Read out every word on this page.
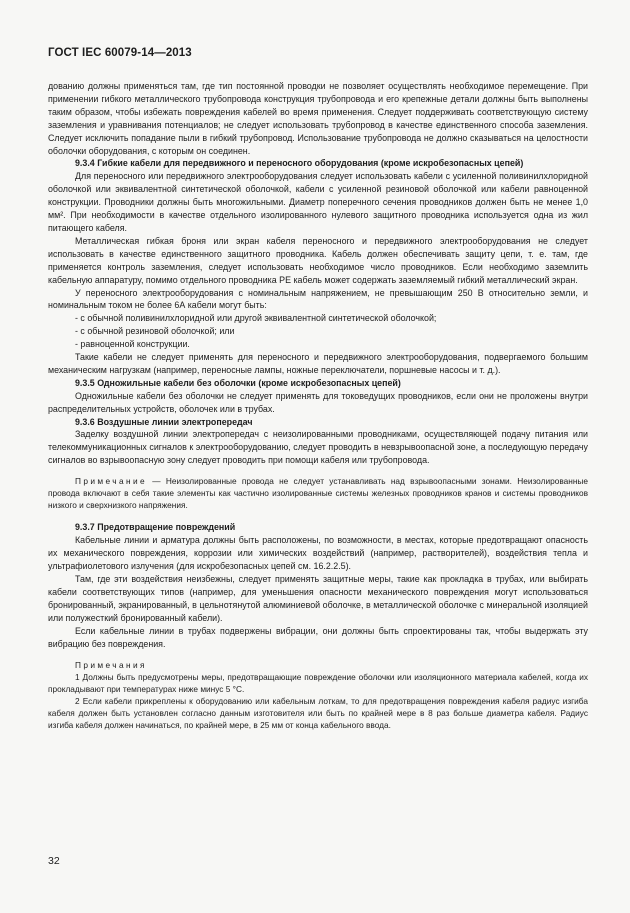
ГОСТ IEC 60079-14—2013

дованию должны применяться там, где тип постоянной проводки не позволяет осуществлять необходимое перемещение. При применении гибкого металлического трубопровода конструкция трубопровода и его крепежные детали должны быть выполнены таким образом, чтобы избежать повреждения кабелей во время применения. Следует поддерживать соответствующую систему заземления и уравнивания потенциалов; не следует использовать трубопровод в качестве единственного способа заземления. Следует исключить попадание пыли в гибкий трубопровод. Использование трубопровода не должно сказываться на целостности оболочки оборудования, с которым он соединен.

9.3.4 Гибкие кабели для передвижного и переносного оборудования (кроме искробезопасных цепей)

Для переносного или передвижного электрооборудования следует использовать кабели с усиленной поливинилхлоридной оболочкой или эквивалентной синтетической оболочкой, кабели с усиленной резиновой оболочкой или кабели равноценной конструкции. Проводники должны быть многожильными. Диаметр поперечного сечения проводников должен быть не менее 1,0 мм². При необходимости в качестве отдельного изолированного нулевого защитного проводника используется одна из жил питающего кабеля.

Металлическая гибкая броня или экран кабеля переносного и передвижного электрооборудования не следует использовать в качестве единственного защитного проводника. Кабель должен обеспечивать защиту цепи, т. е. там, где применяется контроль заземления, следует использовать необходимое число проводников. Если необходимо заземлить кабельную аппаратуру, помимо отдельного проводника РЕ кабель может содержать заземляемый гибкий металлический экран.

У переносного электрооборудования с номинальным напряжением, не превышающим 250 В относительно земли, и номинальным током не более 6А кабели могут быть:

- с обычной поливинилхлоридной или другой эквивалентной синтетической оболочкой;

- с обычной резиновой оболочкой; или

- равноценной конструкции.

Такие кабели не следует применять для переносного и передвижного электрооборудования, подвергаемого большим механическим нагрузкам (например, переносные лампы, ножные переключатели, поршневые насосы и т. д.).

9.3.5 Одножильные кабели без оболочки (кроме искробезопасных цепей)

Одножильные кабели без оболочки не следует применять для токоведущих проводников, если они не проложены внутри распределительных устройств, оболочек или в трубах.

9.3.6 Воздушные линии электропередач

Заделку воздушной линии электропередач с неизолированными проводниками, осуществляющей подачу питания или телекоммуникационных сигналов к электрооборудованию, следует проводить в невзрывоопасной зоне, а последующую передачу сигналов во взрывоопасную зону следует проводить при помощи кабеля или трубопровода.

Примечание — Неизолированные провода не следует устанавливать над взрывоопасными зонами. Неизолированные провода включают в себя такие элементы как частично изолированные системы железных проводников кранов и системы проводников низкого и сверхнизкого напряжения.

9.3.7 Предотвращение повреждений

Кабельные линии и арматура должны быть расположены, по возможности, в местах, которые предотвращают опасность их механического повреждения, коррозии или химических воздействий (например, растворителей), воздействия тепла и ультрафиолетового излучения (для искробезопасных цепей см. 16.2.2.5).

Там, где эти воздействия неизбежны, следует применять защитные меры, такие как прокладка в трубах, или выбирать кабели соответствующих типов (например, для уменьшения опасности механического повреждения могут использоваться бронированный, экранированный, в цельнотянутой алюминиевой оболочке, в металлической оболочке с минеральной изоляцией или полужесткий бронированный кабели).

Если кабельные линии в трубах подвержены вибрации, они должны быть спроектированы так, чтобы выдержать эту вибрацию без повреждения.

Примечания

1 Должны быть предусмотрены меры, предотвращающие повреждение оболочки или изоляционного материала кабелей, когда их прокладывают при температурах ниже минус 5 °С.

2 Если кабели прикреплены к оборудованию или кабельным лоткам, то для предотвращения повреждения кабеля радиус изгиба кабеля должен быть установлен согласно данным изготовителя или быть по крайней мере в 8 раз больше диаметра кабеля. Радиус изгиба кабеля должен начинаться, по крайней мере, в 25 мм от конца кабельного ввода.

32
